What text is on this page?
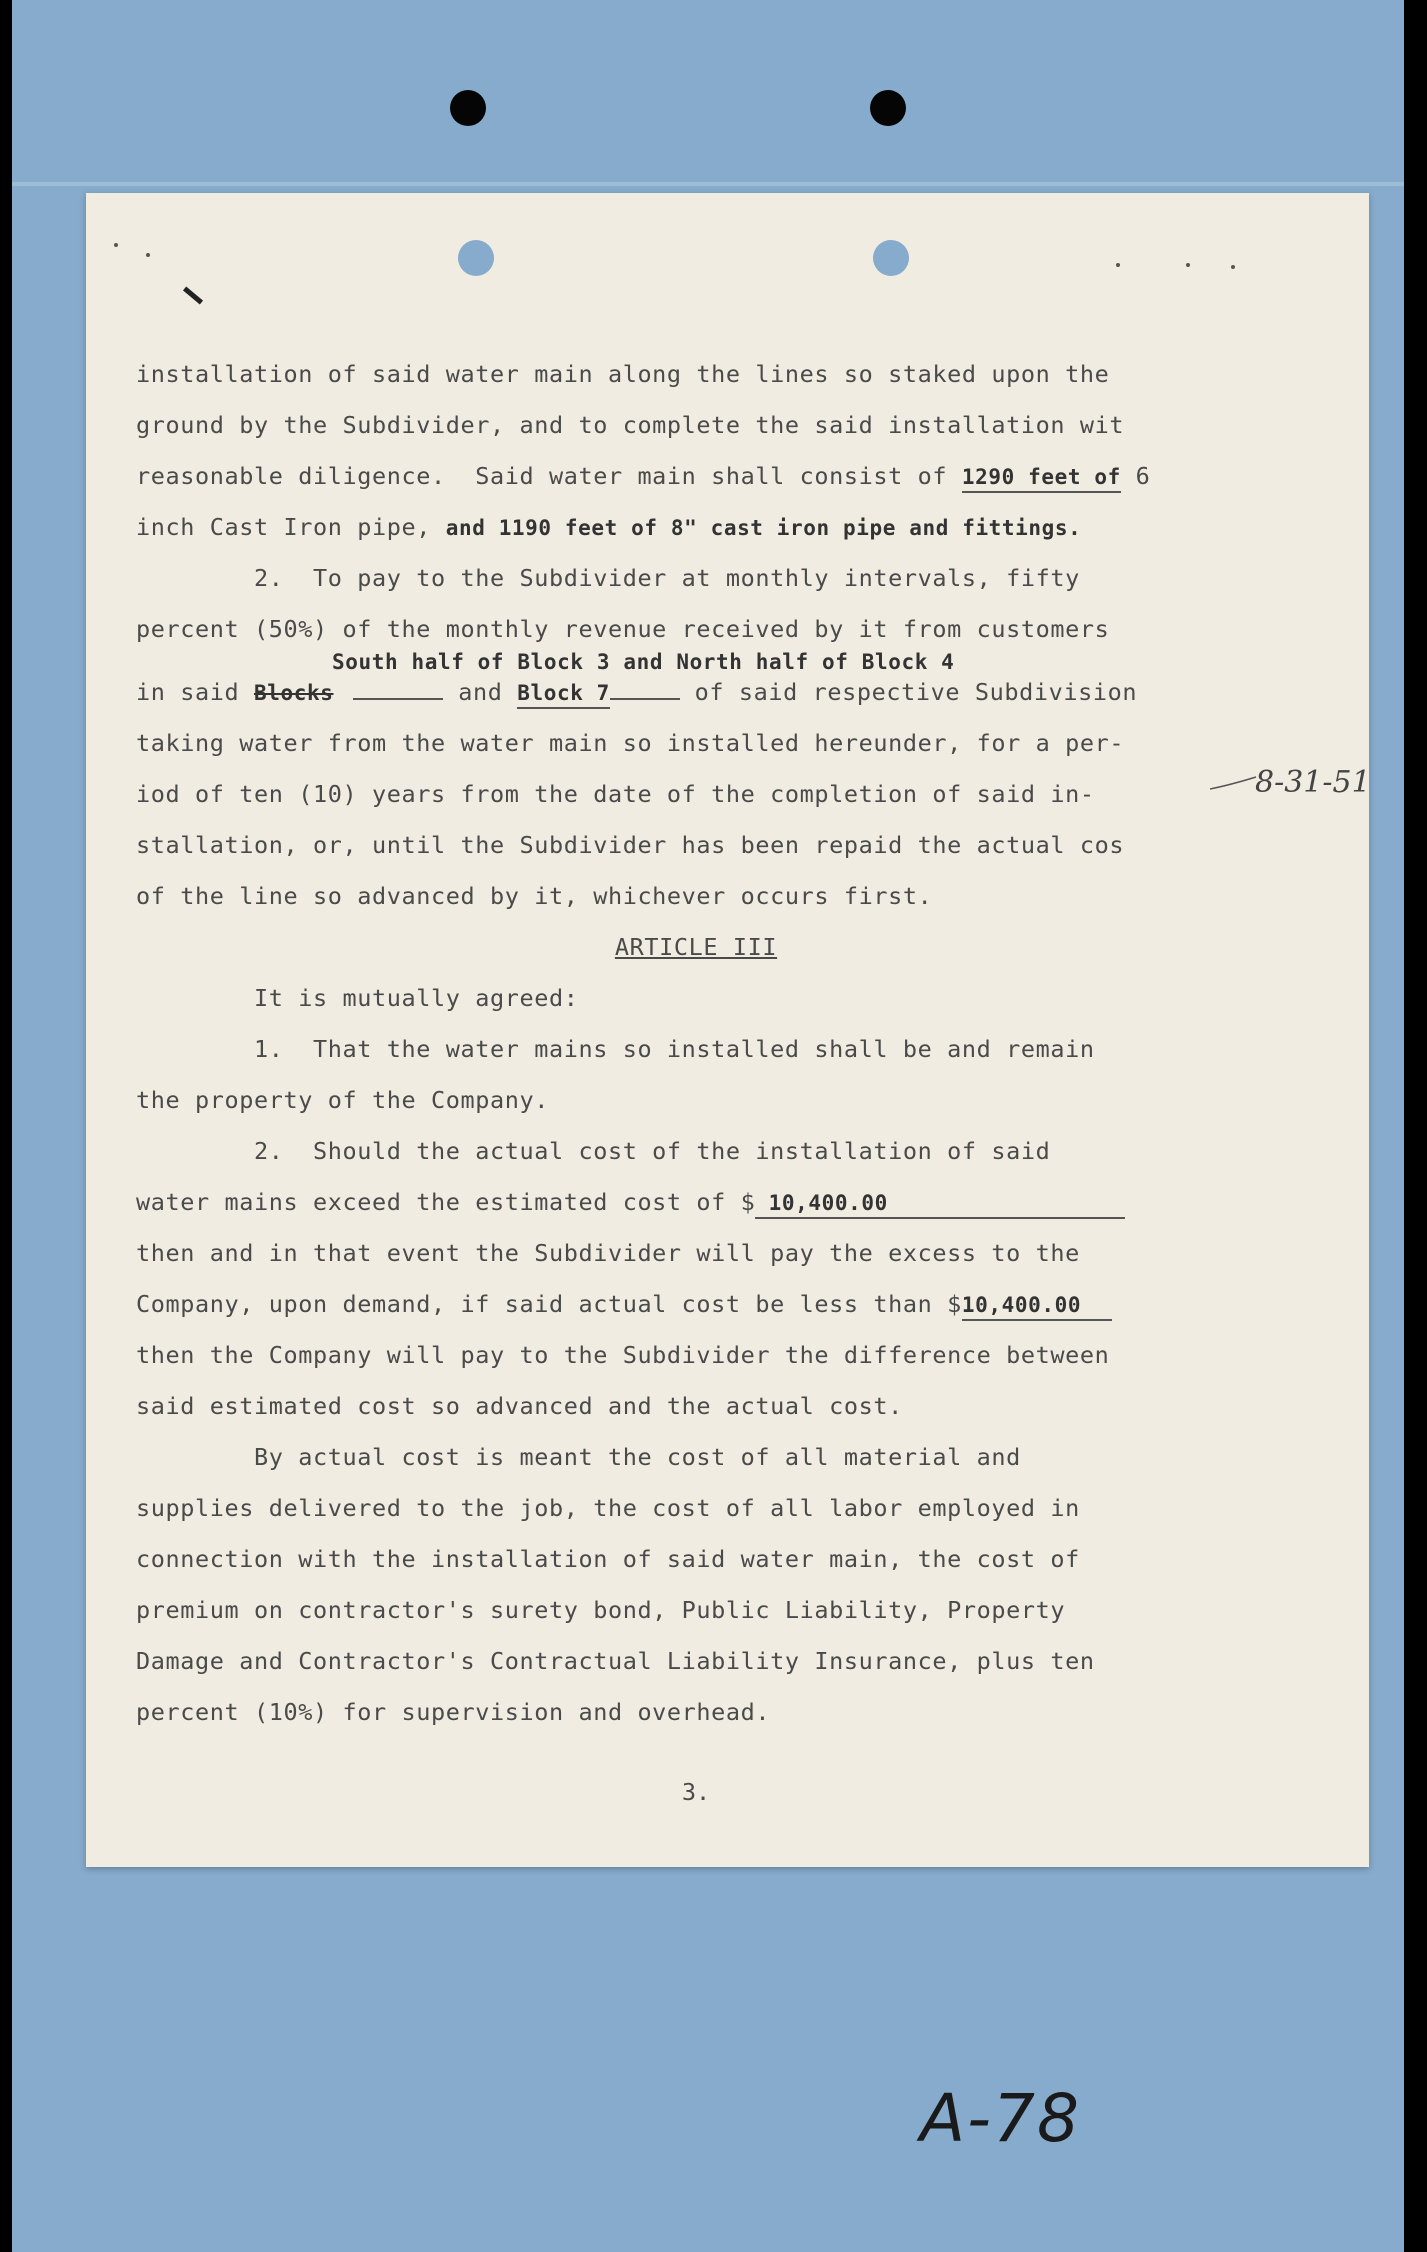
installation of said water main along the lines so staked upon the
ground by the Subdivider, and to complete the said installation wit
reasonable diligence.  Said water main shall consist of 1290 feet of 6
inch Cast Iron pipe, and 1190 feet of 8" cast iron pipe and fittings.
2.  To pay to the Subdivider at monthly intervals, fifty
percent (50%) of the monthly revenue received by it from customers
South half of Block 3 and North half of Block 4
in said Blocks	and Block 7	of said respective Subdivision
taking water from the water main so installed hereunder, for a per-
iod of ten (10) years from the date of the completion of said in-
stallation, or, until the Subdivider has been repaid the actual cos
of the line so advanced by it, whichever occurs first.
ARTICLE III
It is mutually agreed:
1.  That the water mains so installed shall be and remain
the property of the Company.
2.  Should the actual cost of the installation of said
water mains exceed the estimated cost of $ 10,400.00
then and in that event the Subdivider will pay the excess to the
Company, upon demand, if said actual cost be less than $10,400.00
then the Company will pay to the Subdivider the difference between
said estimated cost so advanced and the actual cost.
By actual cost is meant the cost of all material and
supplies delivered to the job, the cost of all labor employed in
connection with the installation of said water main, the cost of
premium on contractor's surety bond, Public Liability, Property
Damage and Contractor's Contractual Liability Insurance, plus ten
percent (10%) for supervision and overhead.
3.
8-31-51
A-78
